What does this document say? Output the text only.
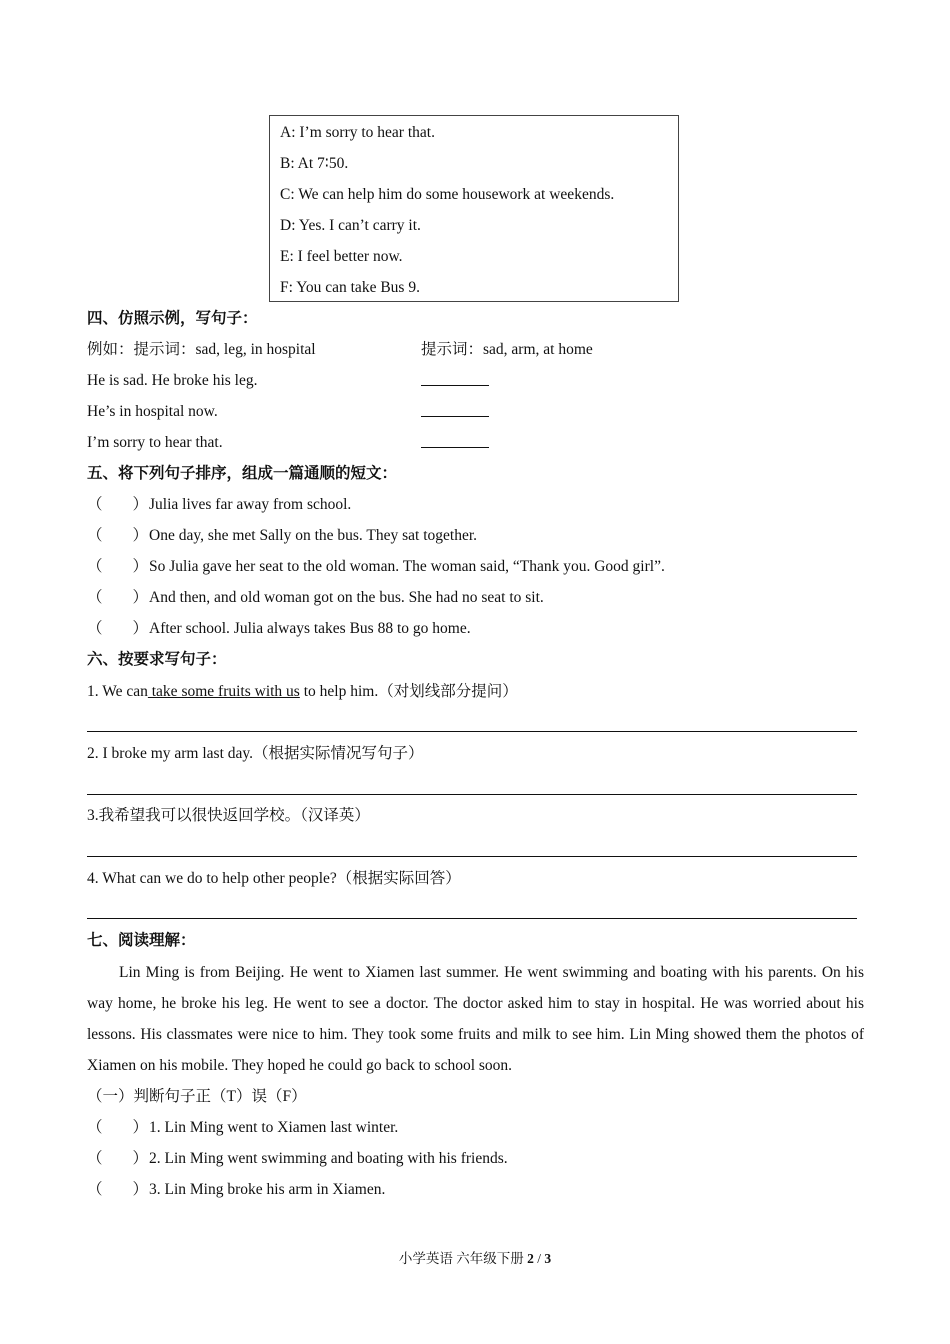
A: I’m sorry to hear that.
B: At 7∶50.
C: We can help him do some housework at weekends.
D: Yes. I can’t carry it.
E: I feel better now.
F: You can take Bus 9.
四、仿照示例，写句子：
例如：提示词：sad, leg, in hospital	提示词：sad, arm, at home
He is sad. He broke his leg.
He’s in hospital now.
I’m sorry to hear that.
五、将下列句子排序，组成一篇通顺的短文：
（ ）Julia lives far away from school.
（ ）One day, she met Sally on the bus. They sat together.
（ ）So Julia gave her seat to the old woman. The woman said, “Thank you. Good girl”.
（ ）And then, and old woman got on the bus. She had no seat to sit.
（ ）After school. Julia always takes Bus 88 to go home.
六、按要求写句子：
1. We can take some fruits with us to help him.（对划线部分提问）
2. I broke my arm last day.（根据实际情况写句子）
3.我希望我可以很快返回学校。（汉译英）
4. What can we do to help other people?（根据实际回答）
七、阅读理解：
Lin Ming is from Beijing. He went to Xiamen last summer. He went swimming and boating with his parents. On his way home, he broke his leg. He went to see a doctor. The doctor asked him to stay in hospital. He was worried about his lessons. His classmates were nice to him. They took some fruits and milk to see him. Lin Ming showed them the photos of Xiamen on his mobile. They hoped he could go back to school soon.
（一）判断句子正（T）误（F）
（ ）1. Lin Ming went to Xiamen last winter.
（ ）2. Lin Ming went swimming and boating with his friends.
（ ）3. Lin Ming broke his arm in Xiamen.
小学英语 六年级下册 2 / 3
